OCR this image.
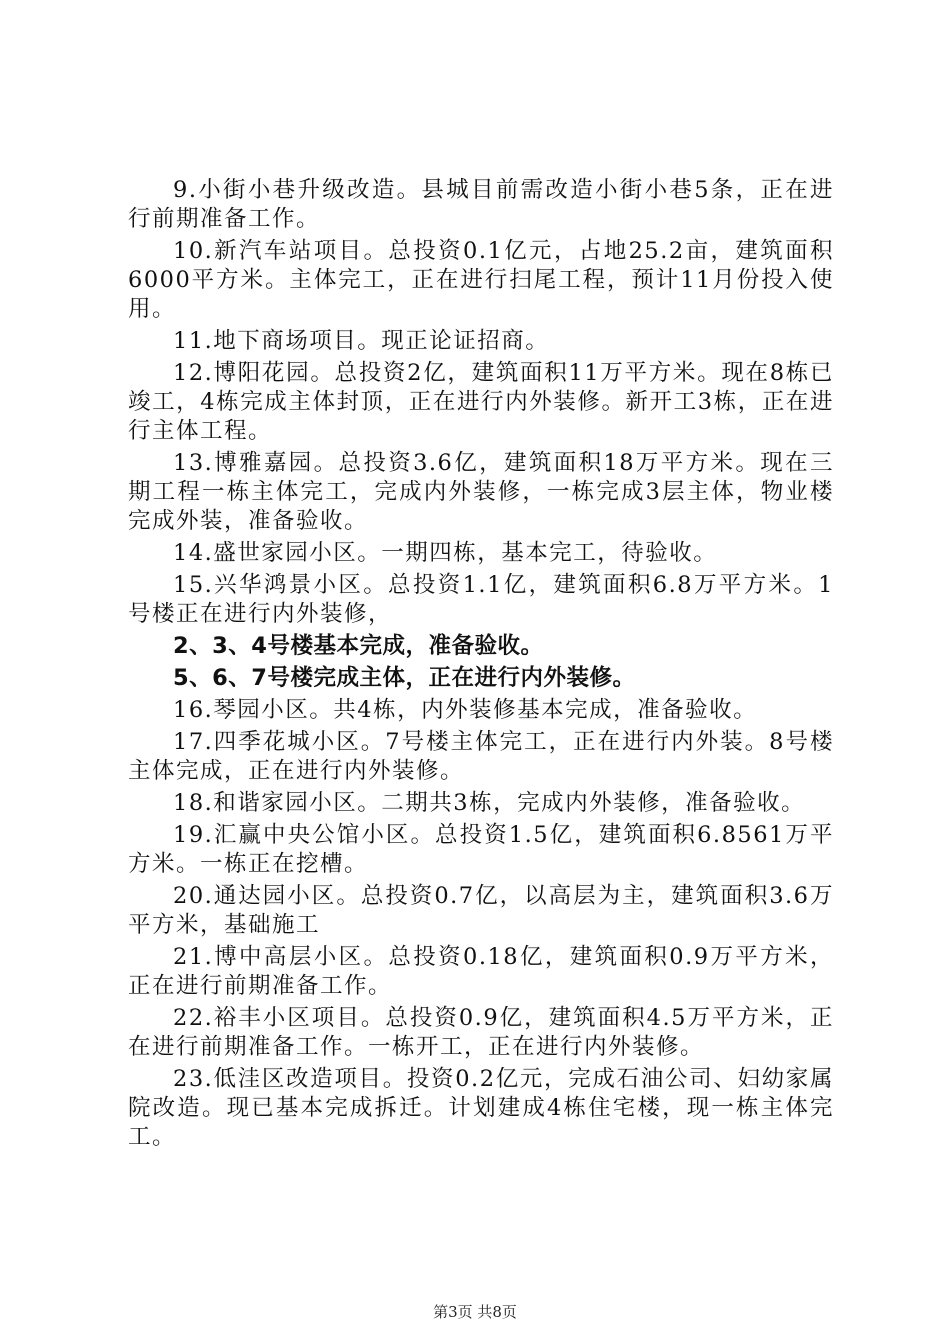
9.小街小巷升级改造。县城目前需改造小街小巷5条，正在进行前期准备工作。

10.新汽车站项目。总投资0.1亿元，占地25.2亩，建筑面积6000平方米。主体完工，正在进行扫尾工程，预计11月份投入使用。

11.地下商场项目。现正论证招商。

12.博阳花园。总投资2亿，建筑面积11万平方米。现在8栋已竣工，4栋完成主体封顶，正在进行内外装修。新开工3栋，正在进行主体工程。

13.博雅嘉园。总投资3.6亿，建筑面积18万平方米。现在三期工程一栋主体完工，完成内外装修，一栋完成3层主体，物业楼完成外装，准备验收。

14.盛世家园小区。一期四栋，基本完工，待验收。

15.兴华鸿景小区。总投资1.1亿，建筑面积6.8万平方米。1号楼正在进行内外装修，

2、3、4号楼基本完成，准备验收。

5、6、7号楼完成主体，正在进行内外装修。

16.琴园小区。共4栋，内外装修基本完成，准备验收。

17.四季花城小区。7号楼主体完工，正在进行内外装。8号楼主体完成，正在进行内外装修。

18.和谐家园小区。二期共3栋，完成内外装修，准备验收。

19.汇赢中央公馆小区。总投资1.5亿，建筑面积6.8561万平方米。一栋正在挖槽。

20.通达园小区。总投资0.7亿，以高层为主，建筑面积3.6万平方米，基础施工

21.博中高层小区。总投资0.18亿，建筑面积0.9万平方米，正在进行前期准备工作。

22.裕丰小区项目。总投资0.9亿，建筑面积4.5万平方米，正在进行前期准备工作。一栋开工，正在进行内外装修。

23.低洼区改造项目。投资0.2亿元，完成石油公司、妇幼家属院改造。现已基本完成拆迁。计划建成4栋住宅楼，现一栋主体完工。

第3页 共8页
